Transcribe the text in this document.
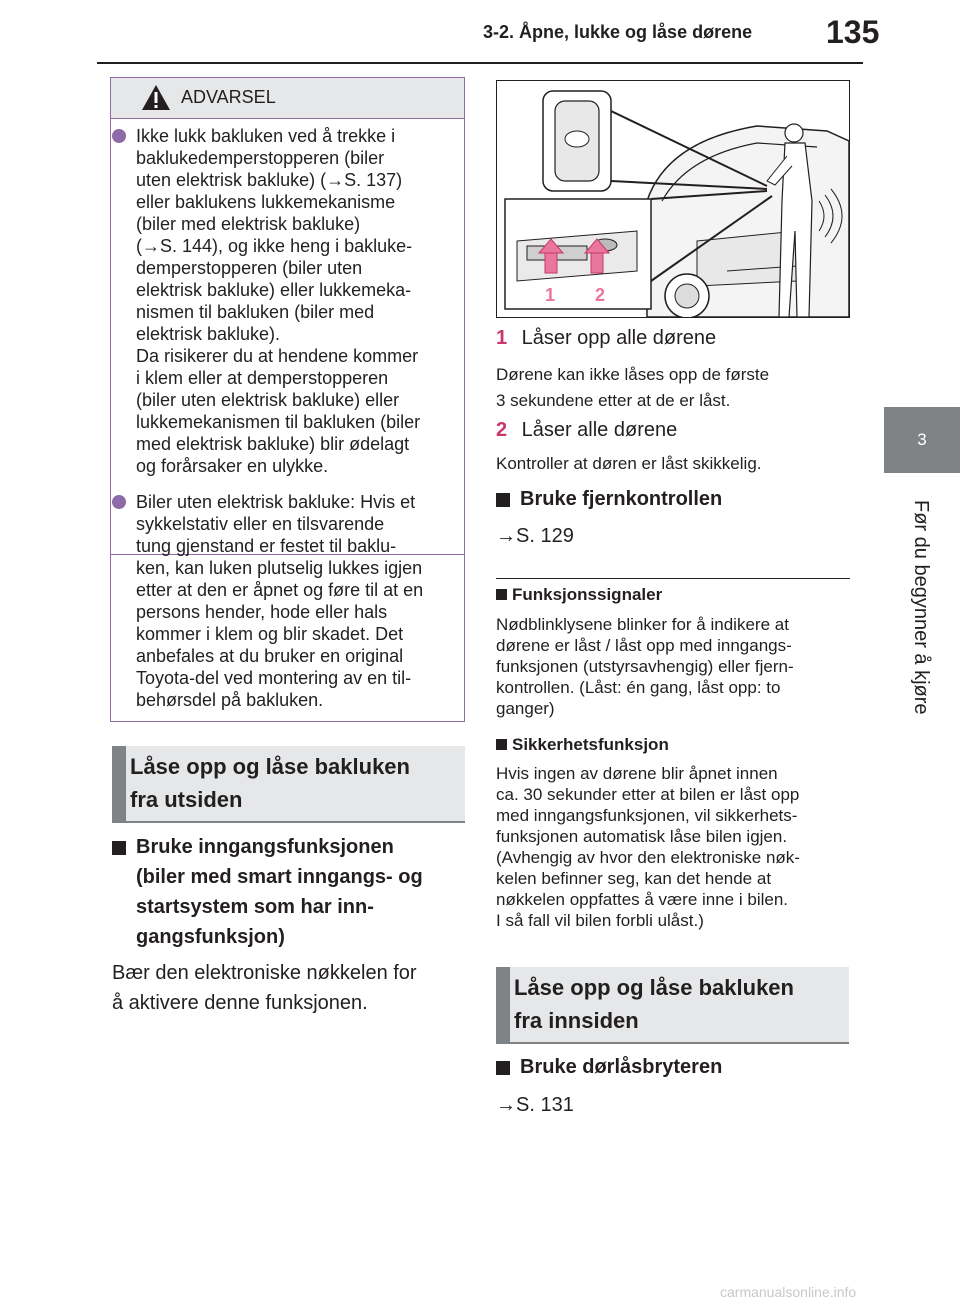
3-2. Åpne, lukke og låse dørene 135
3
Før du begynner å kjøre
ADVARSEL

Ikke lukk bakluken ved å trekke i
baklukedemperstopperen (biler
uten elektrisk bakluke) (→S. 137)
eller baklukens lukkemekanisme
(biler med elektrisk bakluke)
(→S. 144), og ikke heng i bakluke-
demperstopperen (biler uten
elektrisk bakluke) eller lukkemeka-
nismen til bakluken (biler med
elektrisk bakluke).
Da risikerer du at hendene kommer
i klem eller at demperstopperen
(biler uten elektrisk bakluke) eller
lukkemekanismen til bakluken (biler
med elektrisk bakluke) blir ødelagt
og forårsaker en ulykke.

Biler uten elektrisk bakluke: Hvis et
sykkelstativ eller en tilsvarende
tung gjenstand er festet til baklu-
ken, kan luken plutselig lukkes igjen
etter at den er åpnet og føre til at en
persons hender, hode eller hals
kommer i klem og blir skadet. Det
anbefales at du bruker en original
Toyota-del ved montering av en til-
behørsdel på bakluken.

Låse opp og låse bakluken
fra utsiden
Bruke inngangsfunksjonen
(biler med smart inngangs- og
startsystem som har inn-
gangsfunksjon)
Bær den elektroniske nøkkelen for
å aktivere denne funksjonen.
1 2
1 Låser opp alle dørene
Dørene kan ikke låses opp de første
3 sekundene etter at de er låst.
2 Låser alle dørene
Kontroller at døren er låst skikkelig.
Bruke fjernkontrollen
→S. 129
Funksjonssignaler
Nødblinklysene blinker for å indikere at
dørene er låst / låst opp med inngangs-
funksjonen (utstyrsavhengig) eller fjern-
kontrollen. (Låst: én gang, låst opp: to
ganger)
Sikkerhetsfunksjon
Hvis ingen av dørene blir åpnet innen
ca. 30 sekunder etter at bilen er låst opp
med inngangsfunksjonen, vil sikkerhets-
funksjonen automatisk låse bilen igjen.
(Avhengig av hvor den elektroniske nøk-
kelen befinner seg, kan det hende at
nøkkelen oppfattes å være inne i bilen.
I så fall vil bilen forbli ulåst.)
Låse opp og låse bakluken
fra innsiden
Bruke dørlåsbryteren
→S. 131
carmanualsonline.info
